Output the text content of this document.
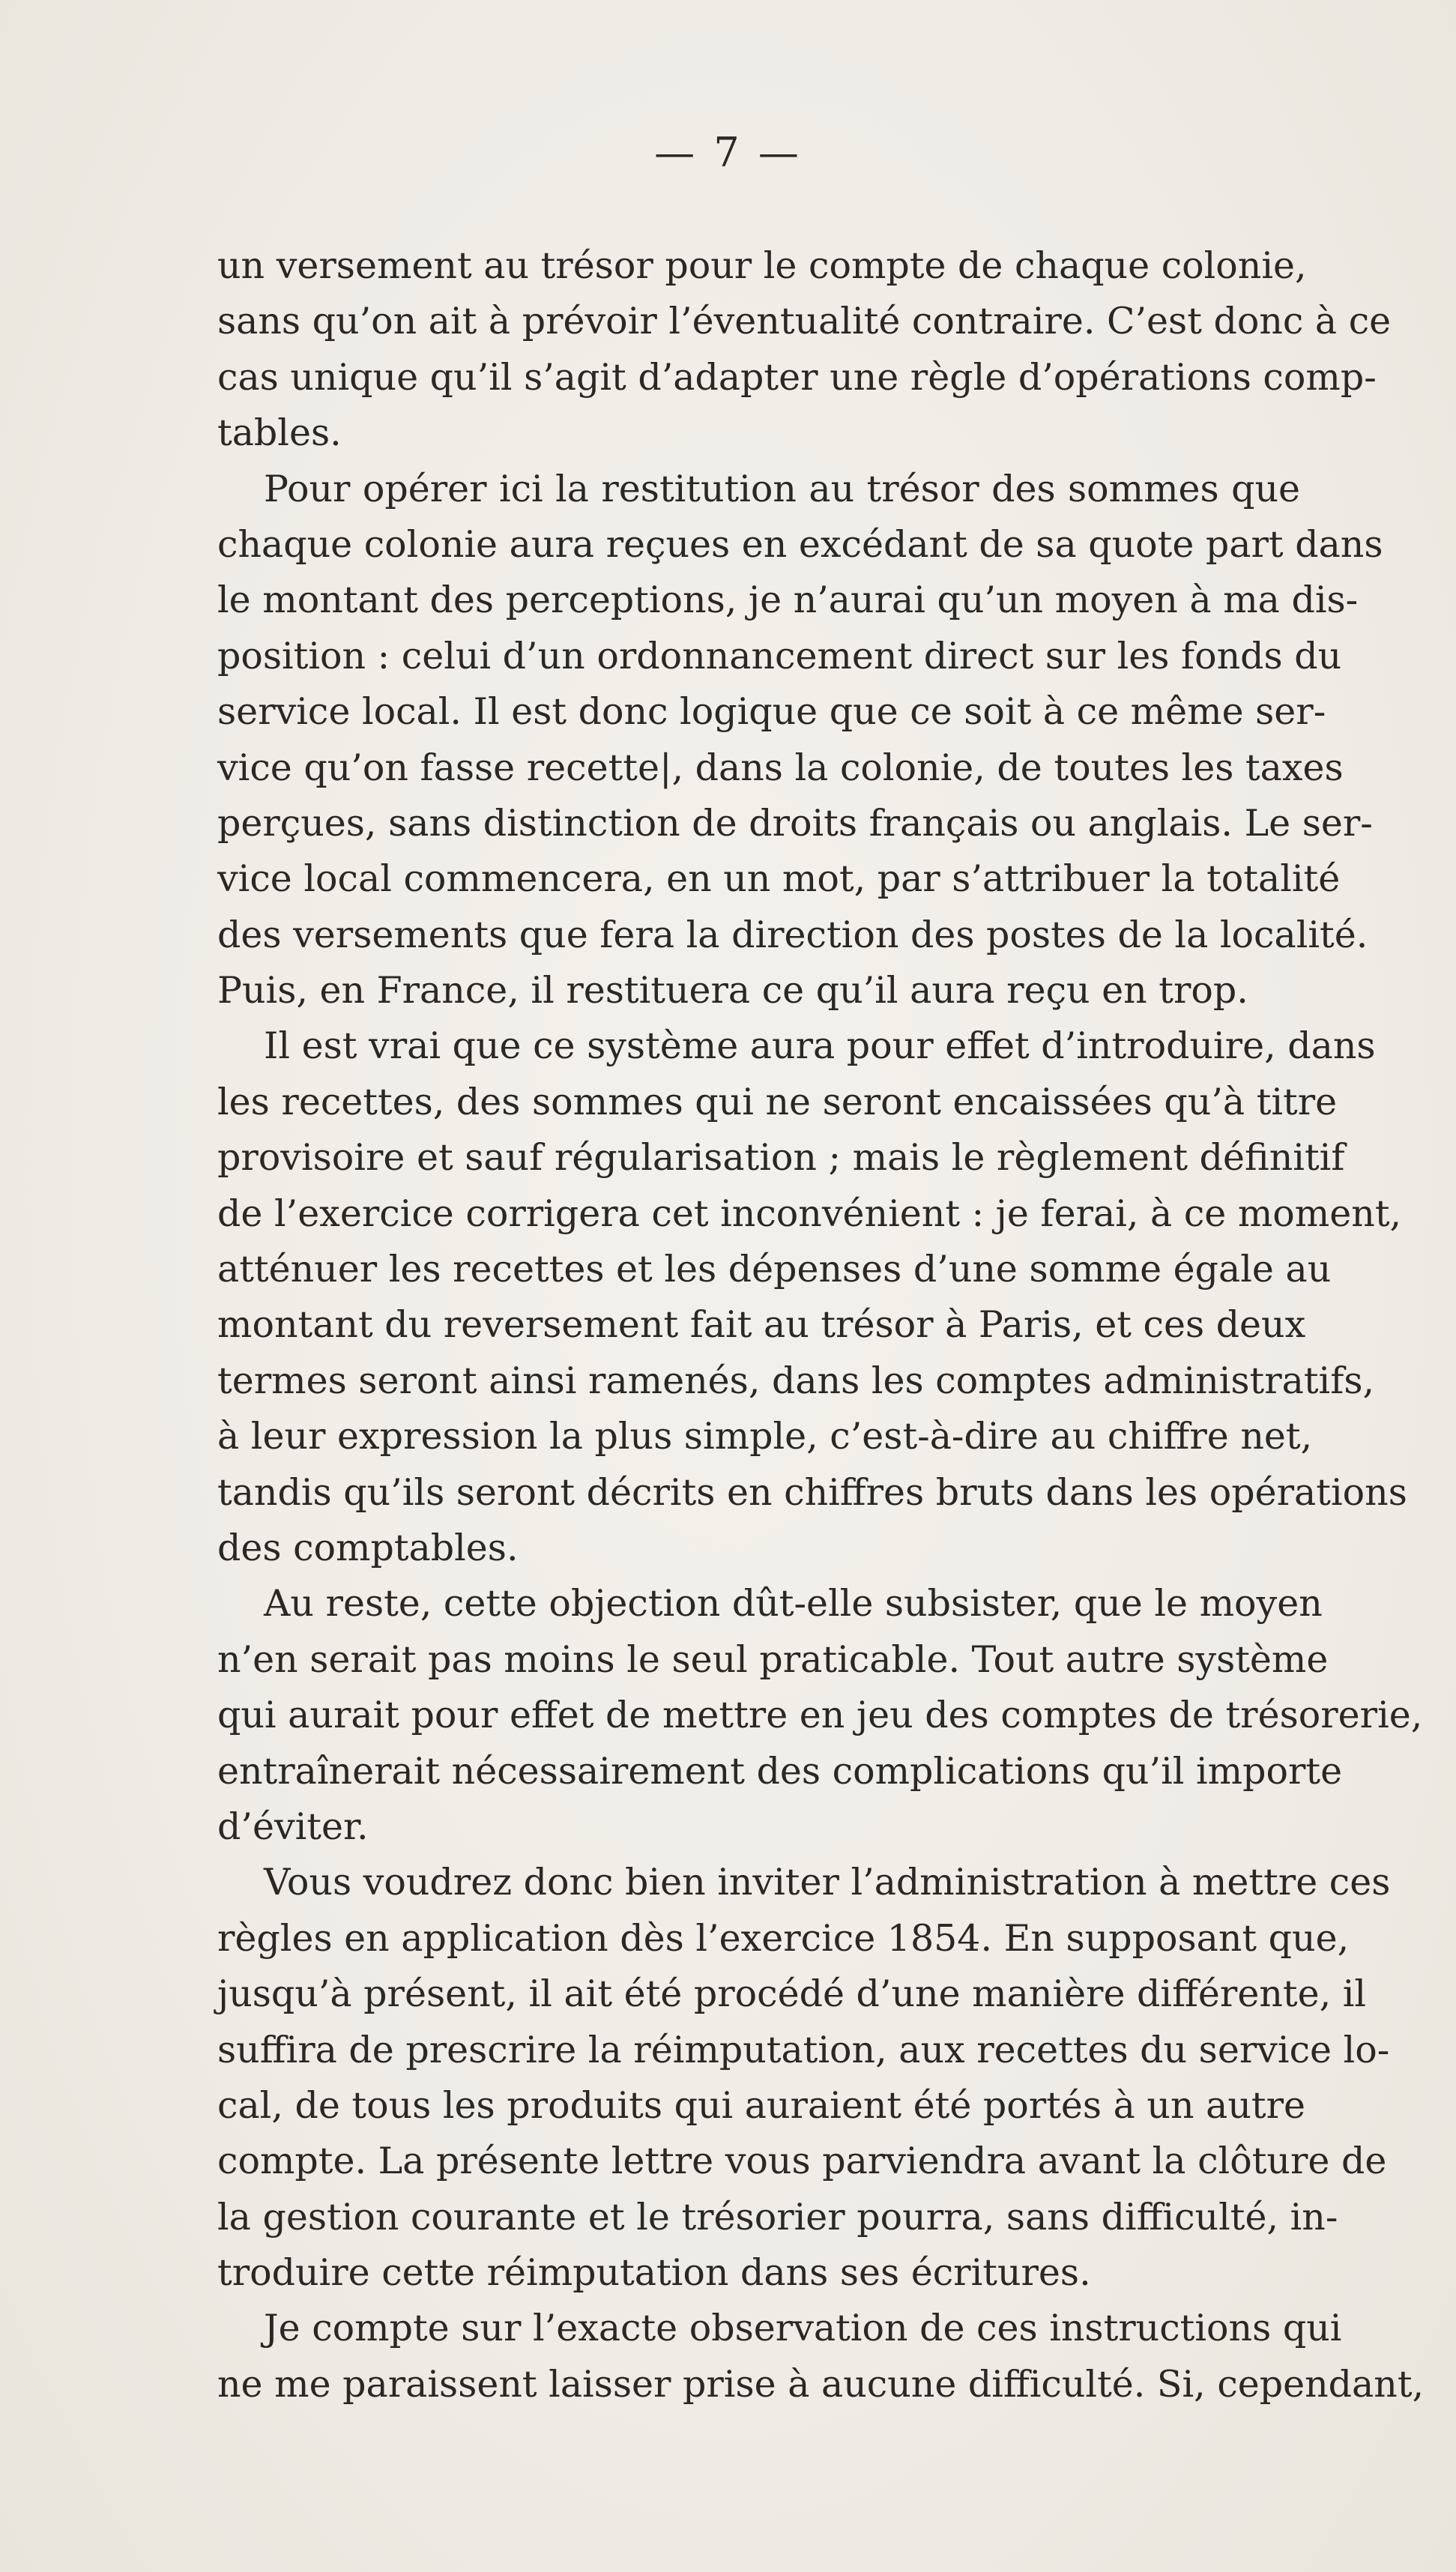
— 7 —
un versement au trésor pour le compte de chaque colonie,
sans qu’on ait à prévoir l’éventualité contraire. C’est donc à ce
cas unique qu’il s’agit d’adapter une règle d’opérations comp-
tables.
Pour opérer ici la restitution au trésor des sommes que
chaque colonie aura reçues en excédant de sa quote part dans
le montant des perceptions, je n’aurai qu’un moyen à ma dis-
position : celui d’un ordonnancement direct sur les fonds du
service local. Il est donc logique que ce soit à ce même ser-
vice qu’on fasse recette|, dans la colonie, de toutes les taxes
perçues, sans distinction de droits français ou anglais. Le ser-
vice local commencera, en un mot, par s’attribuer la totalité
des versements que fera la direction des postes de la localité.
Puis, en France, il restituera ce qu’il aura reçu en trop.
Il est vrai que ce système aura pour effet d’introduire, dans
les recettes, des sommes qui ne seront encaissées qu’à titre
provisoire et sauf régularisation ; mais le règlement définitif
de l’exercice corrigera cet inconvénient : je ferai, à ce moment,
atténuer les recettes et les dépenses d’une somme égale au
montant du reversement fait au trésor à Paris, et ces deux
termes seront ainsi ramenés, dans les comptes administratifs,
à leur expression la plus simple, c’est-à-dire au chiffre net,
tandis qu’ils seront décrits en chiffres bruts dans les opérations
des comptables.
Au reste, cette objection dût-elle subsister, que le moyen
n’en serait pas moins le seul praticable. Tout autre système
qui aurait pour effet de mettre en jeu des comptes de trésorerie,
entraînerait nécessairement des complications qu’il importe
d’éviter.
Vous voudrez donc bien inviter l’administration à mettre ces
règles en application dès l’exercice 1854. En supposant que,
jusqu’à présent, il ait été procédé d’une manière différente, il
suffira de prescrire la réimputation, aux recettes du service lo-
cal, de tous les produits qui auraient été portés à un autre
compte. La présente lettre vous parviendra avant la clôture de
la gestion courante et le trésorier pourra, sans difficulté, in-
troduire cette réimputation dans ses écritures.
Je compte sur l’exacte observation de ces instructions qui
ne me paraissent laisser prise à aucune difficulté. Si, cependant,
